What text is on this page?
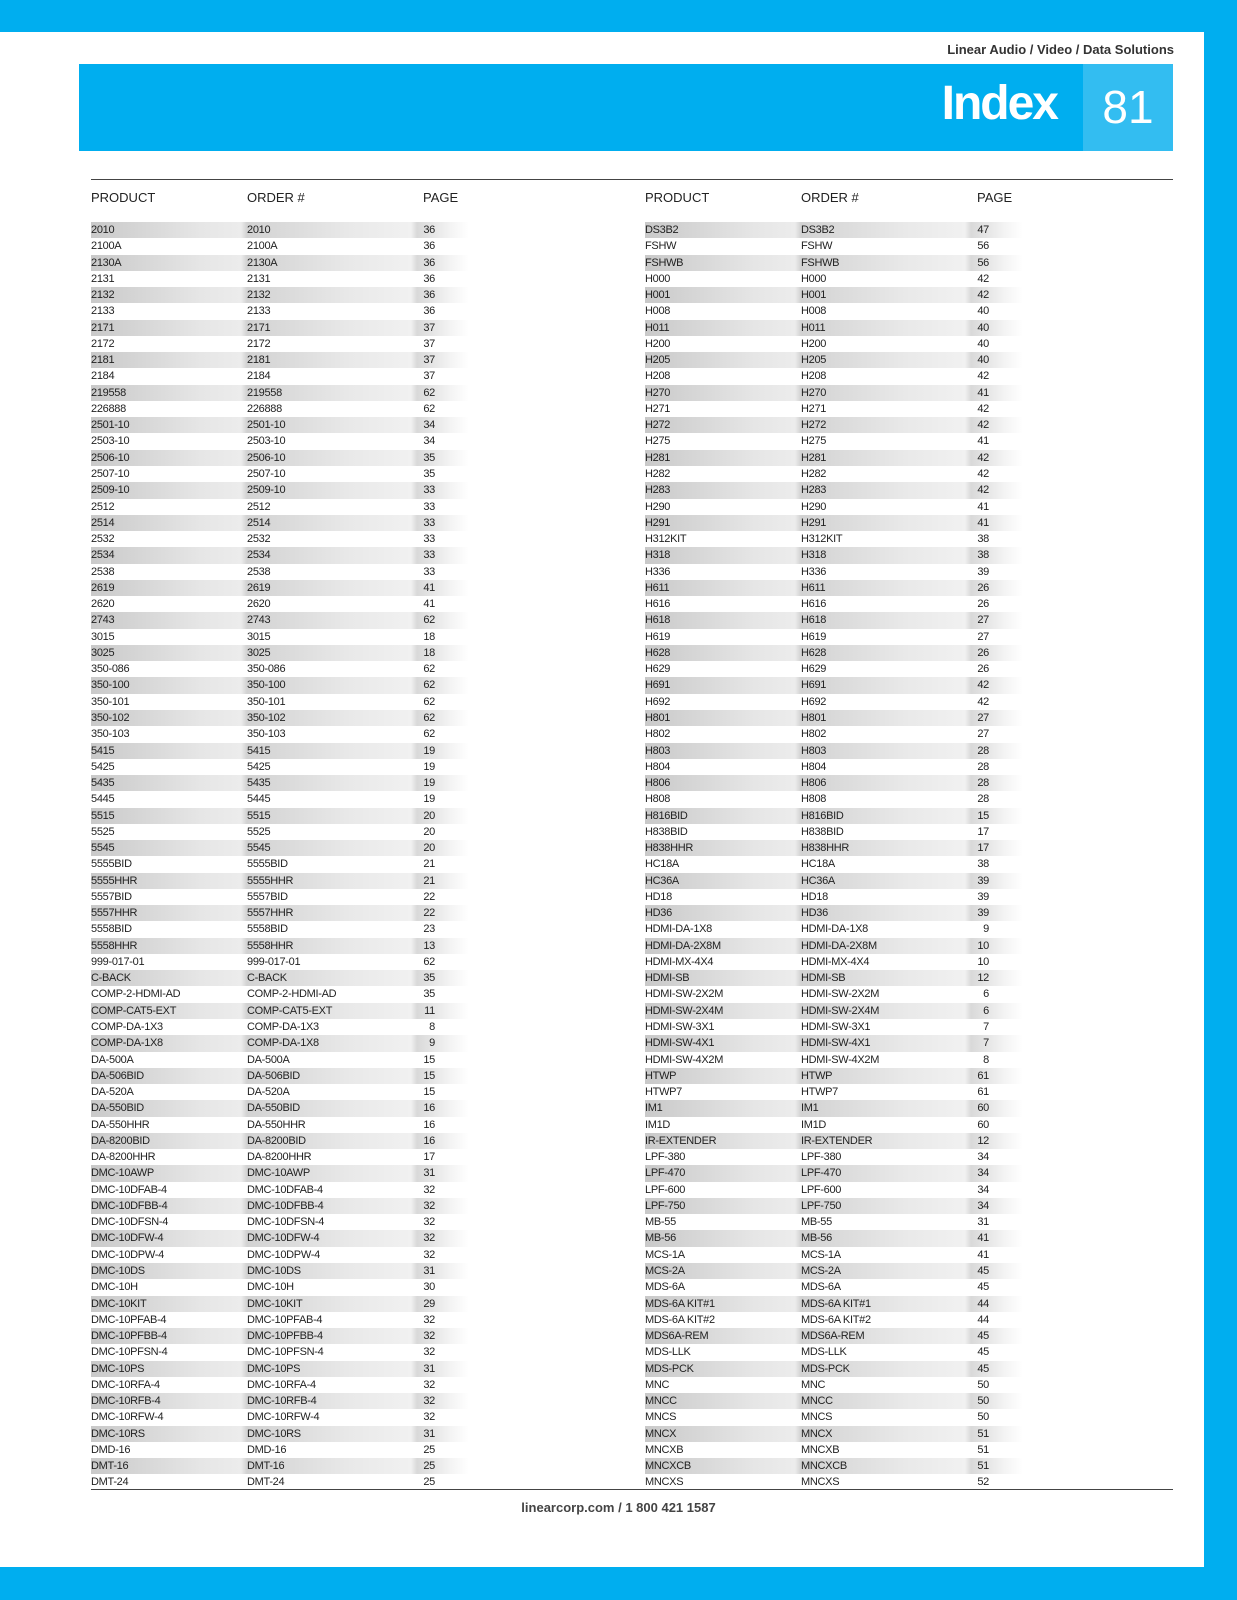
Linear Audio / Video / Data Solutions
Index 81
PRODUCT	ORDER #	PAGE
2010	2010	36
2100A	2100A	36
2130A	2130A	36
2131	2131	36
2132	2132	36
2133	2133	36
2171	2171	37
2172	2172	37
2181	2181	37
2184	2184	37
219558	219558	62
226888	226888	62
2501-10	2501-10	34
2503-10	2503-10	34
2506-10	2506-10	35
2507-10	2507-10	35
2509-10	2509-10	33
2512	2512	33
2514	2514	33
2532	2532	33
2534	2534	33
2538	2538	33
2619	2619	41
2620	2620	41
2743	2743	62
3015	3015	18
3025	3025	18
350-086	350-086	62
350-100	350-100	62
350-101	350-101	62
350-102	350-102	62
350-103	350-103	62
5415	5415	19
5425	5425	19
5435	5435	19
5445	5445	19
5515	5515	20
5525	5525	20
5545	5545	20
5555BID	5555BID	21
5555HHR	5555HHR	21
5557BID	5557BID	22
5557HHR	5557HHR	22
5558BID	5558BID	23
5558HHR	5558HHR	13
999-017-01	999-017-01	62
C-BACK	C-BACK	35
COMP-2-HDMI-AD	COMP-2-HDMI-AD	35
COMP-CAT5-EXT	COMP-CAT5-EXT	11
COMP-DA-1X3	COMP-DA-1X3	8
COMP-DA-1X8	COMP-DA-1X8	9
DA-500A	DA-500A	15
DA-506BID	DA-506BID	15
DA-520A	DA-520A	15
DA-550BID	DA-550BID	16
DA-550HHR	DA-550HHR	16
DA-8200BID	DA-8200BID	16
DA-8200HHR	DA-8200HHR	17
DMC-10AWP	DMC-10AWP	31
DMC-10DFAB-4	DMC-10DFAB-4	32
DMC-10DFBB-4	DMC-10DFBB-4	32
DMC-10DFSN-4	DMC-10DFSN-4	32
DMC-10DFW-4	DMC-10DFW-4	32
DMC-10DPW-4	DMC-10DPW-4	32
DMC-10DS	DMC-10DS	31
DMC-10H	DMC-10H	30
DMC-10KIT	DMC-10KIT	29
DMC-10PFAB-4	DMC-10PFAB-4	32
DMC-10PFBB-4	DMC-10PFBB-4	32
DMC-10PFSN-4	DMC-10PFSN-4	32
DMC-10PS	DMC-10PS	31
DMC-10RFA-4	DMC-10RFA-4	32
DMC-10RFB-4	DMC-10RFB-4	32
DMC-10RFW-4	DMC-10RFW-4	32
DMC-10RS	DMC-10RS	31
DMD-16	DMD-16	25
DMT-16	DMT-16	25
DMT-24	DMT-24	25
PRODUCT	ORDER #	PAGE
DS3B2	DS3B2	47
FSHW	FSHW	56
FSHWB	FSHWB	56
H000	H000	42
H001	H001	42
H008	H008	40
H011	H011	40
H200	H200	40
H205	H205	40
H208	H208	42
H270	H270	41
H271	H271	42
H272	H272	42
H275	H275	41
H281	H281	42
H282	H282	42
H283	H283	42
H290	H290	41
H291	H291	41
H312KIT	H312KIT	38
H318	H318	38
H336	H336	39
H611	H611	26
H616	H616	26
H618	H618	27
H619	H619	27
H628	H628	26
H629	H629	26
H691	H691	42
H692	H692	42
H801	H801	27
H802	H802	27
H803	H803	28
H804	H804	28
H806	H806	28
H808	H808	28
H816BID	H816BID	15
H838BID	H838BID	17
H838HHR	H838HHR	17
HC18A	HC18A	38
HC36A	HC36A	39
HD18	HD18	39
HD36	HD36	39
HDMI-DA-1X8	HDMI-DA-1X8	9
HDMI-DA-2X8M	HDMI-DA-2X8M	10
HDMI-MX-4X4	HDMI-MX-4X4	10
HDMI-SB	HDMI-SB	12
HDMI-SW-2X2M	HDMI-SW-2X2M	6
HDMI-SW-2X4M	HDMI-SW-2X4M	6
HDMI-SW-3X1	HDMI-SW-3X1	7
HDMI-SW-4X1	HDMI-SW-4X1	7
HDMI-SW-4X2M	HDMI-SW-4X2M	8
HTWP	HTWP	61
HTWP7	HTWP7	61
IM1	IM1	60
IM1D	IM1D	60
IR-EXTENDER	IR-EXTENDER	12
LPF-380	LPF-380	34
LPF-470	LPF-470	34
LPF-600	LPF-600	34
LPF-750	LPF-750	34
MB-55	MB-55	31
MB-56	MB-56	41
MCS-1A	MCS-1A	41
MCS-2A	MCS-2A	45
MDS-6A	MDS-6A	45
MDS-6A KIT#1	MDS-6A KIT#1	44
MDS-6A KIT#2	MDS-6A KIT#2	44
MDS6A-REM	MDS6A-REM	45
MDS-LLK	MDS-LLK	45
MDS-PCK	MDS-PCK	45
MNC	MNC	50
MNCC	MNCC	50
MNCS	MNCS	50
MNCX	MNCX	51
MNCXB	MNCXB	51
MNCXCB	MNCXCB	51
MNCXS	MNCXS	52
linearcorp.com / 1 800 421 1587
